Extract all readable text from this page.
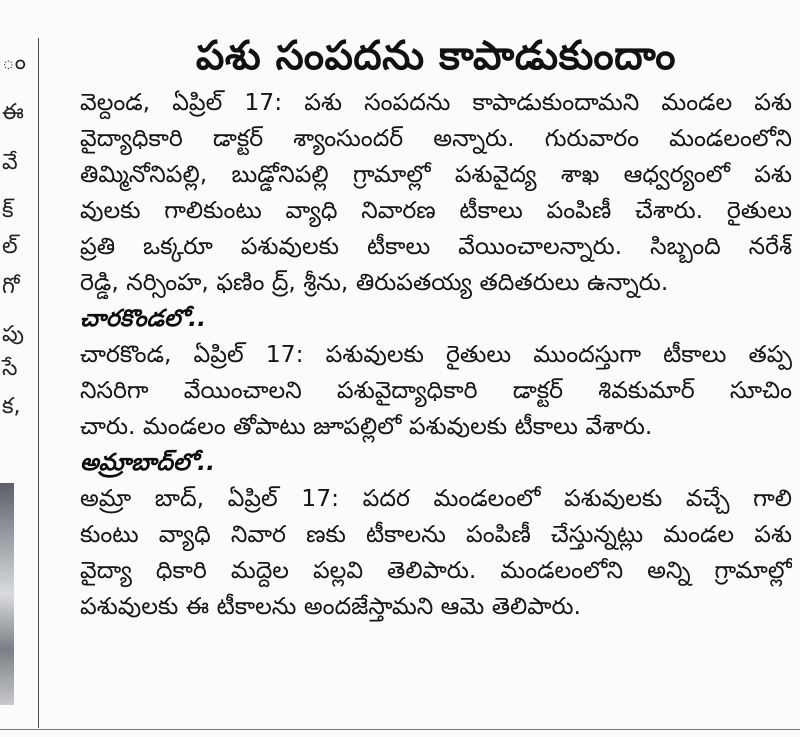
ం
ఈ
వే
క్
ల్
గో
పు
సే
క,
పశు సంపదను కాపాడుకుందాం
వెల్దండ, ఏప్రిల్ 17: పశు సంపదను కాపాడుకుందామని మండల పశు
వైద్యాధికారి డాక్టర్ శ్యాంసుందర్ అన్నారు. గురువారం మండలంలోని
తిమ్మినోనిపల్లి, బుడ్డోనిపల్లి గ్రామాల్లో పశువైద్య శాఖ ఆధ్వర్యంలో పశు
వులకు గాలికుంటు వ్యాధి నివారణ టీకాలు పంపిణీ చేశారు. రైతులు
ప్రతి ఒక్కరూ పశువులకు టీకాలు వేయించాలన్నారు. సిబ్బంది నరేశ్
రెడ్డి, నర్సింహ, ఫణిం ద్ర్, శ్రీను, తిరుపతయ్య తదితరులు ఉన్నారు.
చారకొండలో..
చారకొండ, ఏప్రిల్ 17: పశువులకు రైతులు ముందస్తుగా టీకాలు తప్ప
నిసరిగా వేయించాలని పశువైద్యాధికారి డాక్టర్ శివకుమార్ సూచిం
చారు. మండలం తోపాటు జూపల్లిలో పశువులకు టీకాలు వేశారు.
అమ్రాబాద్‌లో..
అమ్రా బాద్, ఏప్రిల్ 17: పదర మండలంలో పశువులకు వచ్చే గాలి
కుంటు వ్యాధి నివార ణకు టీకాలను పంపిణీ చేస్తున్నట్లు మండల పశు
వైద్యా ధికారి మద్దెల పల్లవి తెలిపారు. మండలంలోని అన్ని గ్రామాల్లో
పశువులకు ఈ టీకాలను అందజేస్తామని ఆమె తెలిపారు.
